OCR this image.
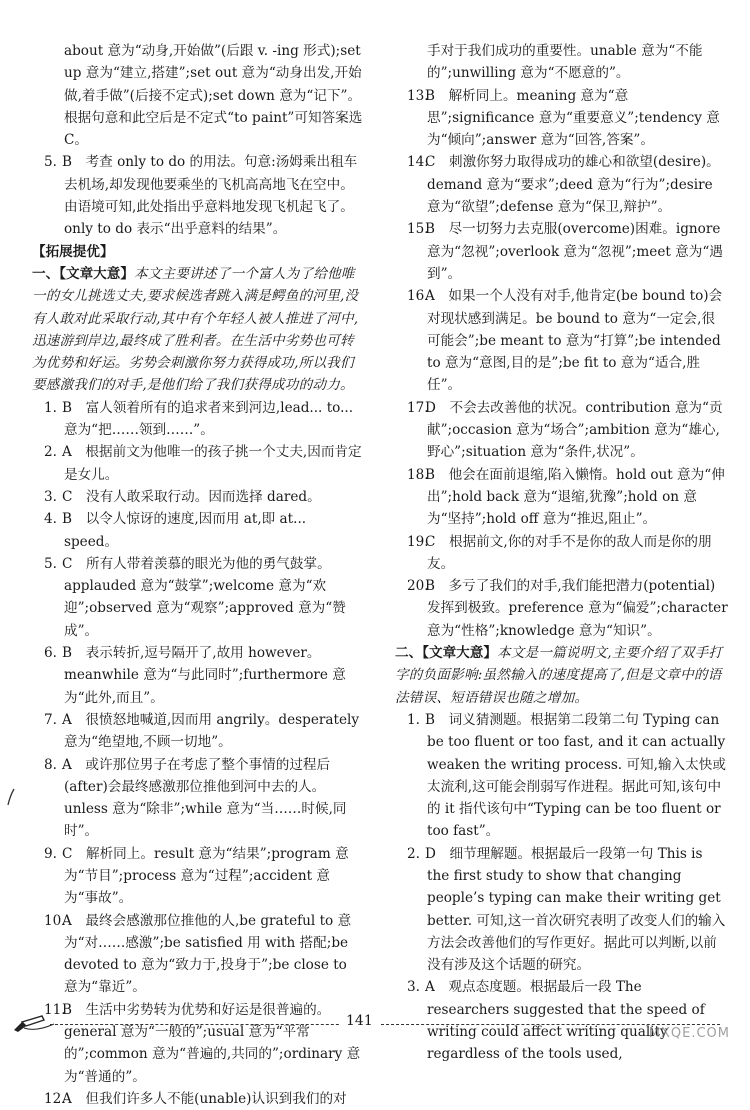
about 意为“动身,开始做”(后跟 v. -ing 形式);set up 意为“建立,搭建”;set out 意为“动身出发,开始做,着手做”(后接不定式);set down 意为“记下”。根据句意和此空后是不定式“to paint”可知答案选 C。
5. B　考查 only to do 的用法。句意:汤姆乘出租车去机场,却发现他要乘坐的飞机高高地飞在空中。由语境可知,此处指出乎意料地发现飞机起飞了。only to do 表示“出乎意料的结果”。
【拓展提优】
一、【文章大意】本文主要讲述了一个富人为了给他唯一的女儿挑选丈夫,要求候选者跳入满是鳄鱼的河里,没有人敢对此采取行动,其中有个年轻人被人推进了河中,迅速游到岸边,最终成了胜利者。在生活中劣势也可转为优势和好运。劣势会刺激你努力获得成功,所以我们要感激我们的对手,是他们给了我们获得成功的动力。
1. B　富人领着所有的追求者来到河边,lead... to... 意为“把……领到……”。
2. A　根据前文为他唯一的孩子挑一个丈夫,因而肯定是女儿。
3. C　没有人敢采取行动。因而选择 dared。
4. B　以令人惊讶的速度,因而用 at,即 at... speed。
5. C　所有人带着羡慕的眼光为他的勇气鼓掌。applauded 意为“鼓掌”;welcome 意为“欢迎”;observed 意为“观察”;approved 意为“赞成”。
6. B　表示转折,逗号隔开了,故用 however。meanwhile 意为“与此同时”;furthermore 意为“此外,而且”。
7. A　很愤怒地喊道,因而用 angrily。desperately 意为“绝望地,不顾一切地”。
8. A　或许那位男子在考虑了整个事情的过程后(after)会最终感激那位推他到河中去的人。unless 意为“除非”;while 意为“当……时候,同时”。
9. C　解析同上。result 意为“结果”;program 意为“节目”;process 意为“过程”;accident 意为“事故”。
10.A　最终会感激那位推他的人,be grateful to 意为“对……感激”;be satisfied 用 with 搭配;be devoted to 意为“致力于,投身于”;be close to 意为“靠近”。
11.B　生活中劣势转为优势和好运是很普遍的。general 意为“一般的”;usual 意为“平常的”;common 意为“普遍的,共同的”;ordinary 意为“普通的”。
12.A　但我们许多人不能(unable)认识到我们的对
手对于我们成功的重要性。unable 意为“不能的”;unwilling 意为“不愿意的”。
13.B　解析同上。meaning 意为“意思”;significance 意为“重要意义”;tendency 意为“倾向”;answer 意为“回答,答案”。
14.C　刺激你努力取得成功的雄心和欲望(desire)。demand 意为“要求”;deed 意为“行为”;desire 意为“欲望”;defense 意为“保卫,辩护”。
15.B　尽一切努力去克服(overcome)困难。ignore 意为“忽视”;overlook 意为“忽视”;meet 意为“遇到”。
16.A　如果一个人没有对手,他肯定(be bound to)会对现状感到满足。be bound to 意为“一定会,很可能会”;be meant to 意为“打算”;be intended to 意为“意图,目的是”;be fit to 意为“适合,胜任”。
17.D　不会去改善他的状况。contribution 意为“贡献”;occasion 意为“场合”;ambition 意为“雄心,野心”;situation 意为“条件,状况”。
18.B　他会在面前退缩,陷入懒惰。hold out 意为“伸出”;hold back 意为“退缩,犹豫”;hold on 意为“坚持”;hold off 意为“推迟,阻止”。
19.C　根据前文,你的对手不是你的敌人而是你的朋友。
20.B　多亏了我们的对手,我们能把潜力(potential)发挥到极致。preference 意为“偏爱”;character 意为“性格”;knowledge 意为“知识”。
二、【文章大意】本文是一篇说明文,主要介绍了双手打字的负面影响:虽然输入的速度提高了,但是文章中的语法错误、短语错误也随之增加。
1. B　词义猜测题。根据第二段第二句 Typing can be too fluent or too fast, and it can actually weaken the writing process. 可知,输入太快或太流利,这可能会削弱写作进程。据此可知,该句中的 it 指代该句中“Typing can be too fluent or too fast”。
2. D　细节理解题。根据最后一段第一句 This is the first study to show that changing people’s typing can make their writing get better. 可知,这一首次研究表明了改变人们的输入方法会改善他们的写作更好。据此可以判断,以前没有涉及这个话题的研究。
3. A　观点态度题。根据最后一段 The researchers suggested that the speed of writing could affect writing quality regardless of the tools used,
141
MXQE.COM
